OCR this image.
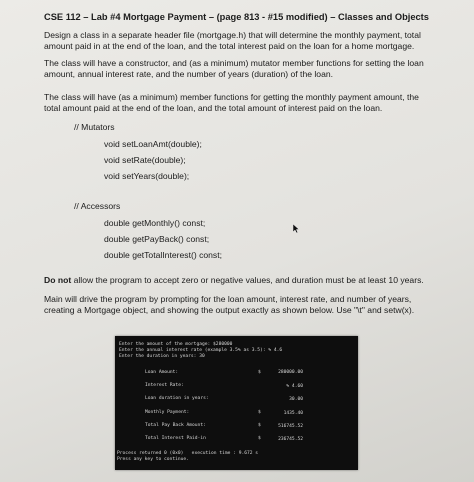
CSE 112 – Lab #4 Mortgage Payment – (page 813 - #15 modified) – Classes and Objects
Design a class in a separate header file (mortgage.h) that will determine the monthly payment, total
amount paid in at the end of the loan, and the total interest paid on the loan for a home mortgage.
The class will have a constructor, and (as a minimum) mutator member functions for setting the loan
amount, annual interest rate, and the number of years (duration) of the loan.
The class will have (as a minimum) member functions for getting the monthly payment amount, the
total amount paid at the end of the loan, and the total amount of interest paid on the loan.
// Mutators
void setLoanAmt(double);
void setRate(double);
void setYears(double);
// Accessors
double getMonthly() const;
double getPayBack() const;
double getTotalInterest() const;
Do not allow the program to accept zero or negative values, and duration must be at least 10 years.
Main will drive the program by prompting for the loan amount, interest rate, and number of years,
creating a Mortgage object, and showing the output exactly as shown below. Use "\t" and setw(x).
Enter the amount of the mortgage: $280000
Enter the annual interest rate (example 3.5% as 3.5): % 4.6
Enter the duration in years: 30
Loan Amount:	$	280000.00
Interest Rate:	% 4.60
Loan duration in years:	30.00
Monthly Payment:	$	1435.40
Total Pay Back Amount:	$	516745.52
Total Interest Paid-in	$	236745.52
Process returned 0 (0x0)   execution time : 9.672 s
Press any key to continue.
